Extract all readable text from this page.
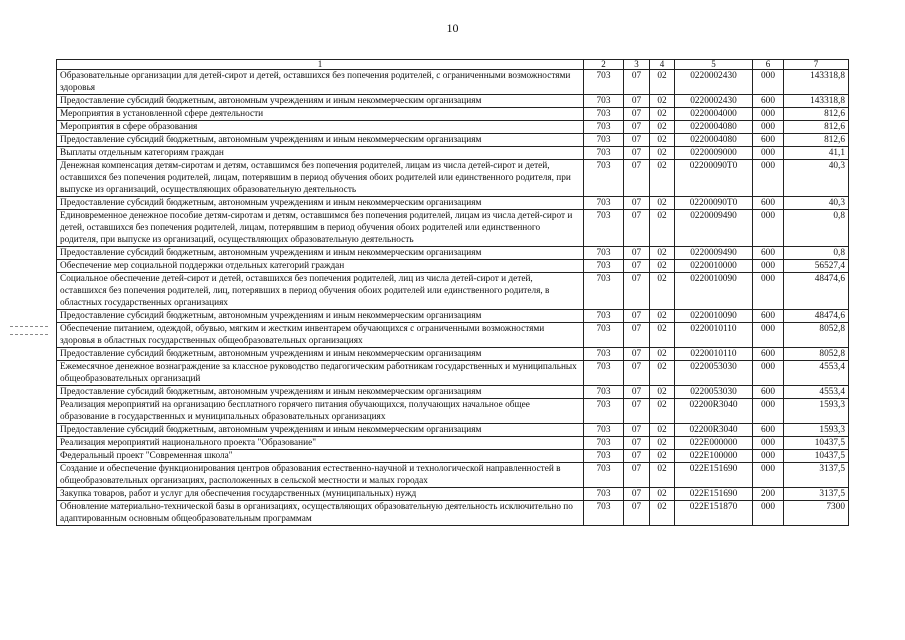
10
1	2	3	4	5	6	7
Образовательные организации для детей-сирот и детей, оставшихся без попечения родителей, с ограниченными возможностями здоровья	703	07	02	0220002430	000	143318,8
Предоставление субсидий бюджетным, автономным учреждениям и иным некоммерческим организациям	703	07	02	0220002430	600	143318,8
Мероприятия в установленной сфере деятельности	703	07	02	0220004000	000	812,6
Мероприятия в сфере образования	703	07	02	0220004080	000	812,6
Предоставление субсидий бюджетным, автономным учреждениям и иным некоммерческим организациям	703	07	02	0220004080	600	812,6
Выплаты отдельным категориям граждан	703	07	02	0220009000	000	41,1
Денежная компенсация детям-сиротам и детям, оставшимся без попечения родителей, лицам из числа детей-сирот и детей, оставшихся без попечения родителей, лицам, потерявшим в период обучения обоих родителей или единственного родителя, при выпуске из организаций, осуществляющих образовательную деятельность	703	07	02	02200090Т0	000	40,3
Предоставление субсидий бюджетным, автономным учреждениям и иным некоммерческим организациям	703	07	02	02200090Т0	600	40,3
Единовременное денежное пособие детям-сиротам и детям, оставшимся без попечения родителей, лицам из числа детей-сирот и детей, оставшихся без попечения родителей, лицам, потерявшим в период обучения обоих родителей или единственного родителя, при выпуске из организаций, осуществляющих образовательную деятельность	703	07	02	0220009490	000	0,8
Предоставление субсидий бюджетным, автономным учреждениям и иным некоммерческим организациям	703	07	02	0220009490	600	0,8
Обеспечение мер социальной поддержки отдельных категорий граждан	703	07	02	0220010000	000	56527,4
Социальное обеспечение детей-сирот и детей, оставшихся без попечения родителей, лиц из числа детей-сирот и детей, оставшихся без попечения родителей, лиц, потерявших в период обучения обоих родителей или единственного родителя, в областных государственных организациях	703	07	02	0220010090	000	48474,6
Предоставление субсидий бюджетным, автономным учреждениям и иным некоммерческим организациям	703	07	02	0220010090	600	48474,6
Обеспечение питанием, одеждой, обувью, мягким и жестким инвентарем обучающихся с ограниченными возможностями здоровья в областных государственных общеобразовательных организациях	703	07	02	0220010110	000	8052,8
Предоставление субсидий бюджетным, автономным учреждениям и иным некоммерческим организациям	703	07	02	0220010110	600	8052,8
Ежемесячное денежное вознаграждение за классное руководство педагогическим работникам государственных и муниципальных общеобразовательных организаций	703	07	02	0220053030	000	4553,4
Предоставление субсидий бюджетным, автономным учреждениям и иным некоммерческим организациям	703	07	02	0220053030	600	4553,4
Реализация мероприятий на организацию бесплатного горячего питания обучающихся, получающих начальное общее образование в государственных и муниципальных образовательных организациях	703	07	02	02200R3040	000	1593,3
Предоставление субсидий бюджетным, автономным учреждениям и иным некоммерческим организациям	703	07	02	02200R3040	600	1593,3
Реализация мероприятий национального проекта "Образование"	703	07	02	022E000000	000	10437,5
Федеральный проект "Современная школа"	703	07	02	022E100000	000	10437,5
Создание и обеспечение функционирования центров образования естественно-научной и технологической направленностей в общеобразовательных организациях, расположенных в сельской местности и малых городах	703	07	02	022E151690	000	3137,5
Закупка товаров, работ и услуг для обеспечения государственных (муниципальных) нужд	703	07	02	022E151690	200	3137,5
Обновление материально-технической базы в организациях, осуществляющих образовательную деятельность исключительно по адаптированным основным общеобразовательным программам	703	07	02	022E151870	000	7300
